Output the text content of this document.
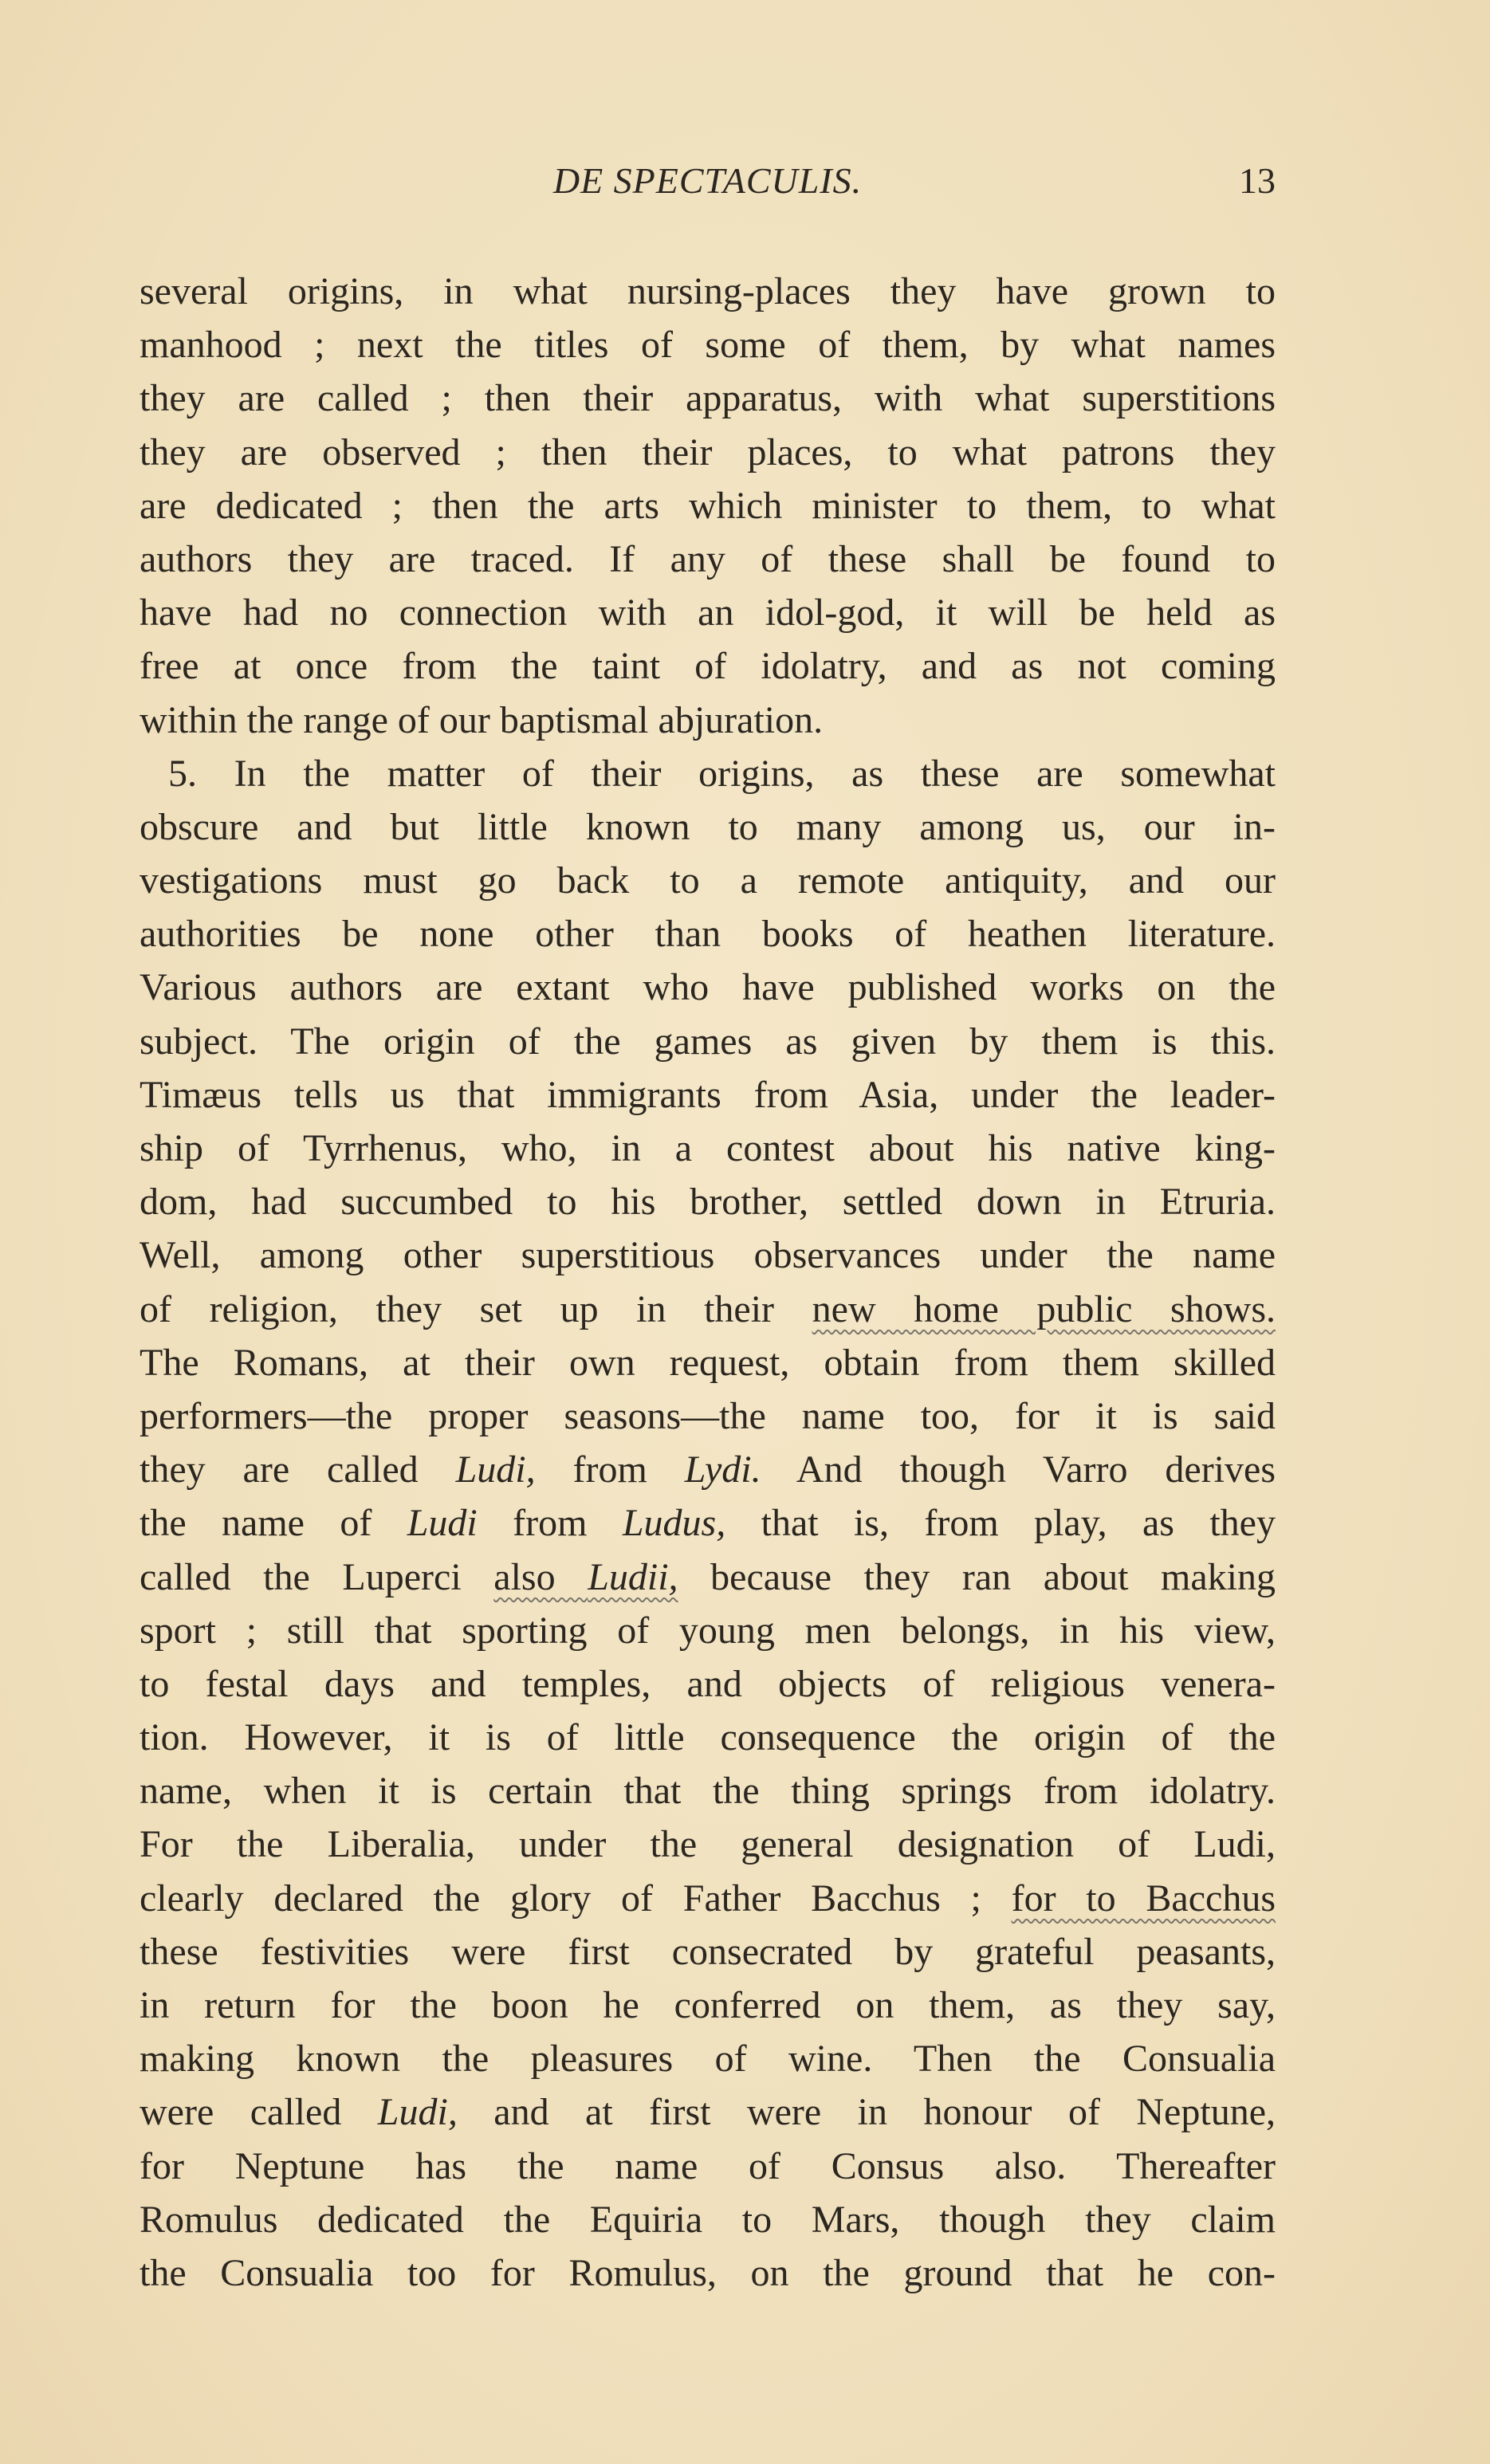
DE SPECTACULIS.	13
several origins, in what nursing-places they have grown to
manhood ; next the titles of some of them, by what names
they are called ; then their apparatus, with what superstitions
they are observed ; then their places, to what patrons they
are dedicated ; then the arts which minister to them, to what
authors they are traced. If any of these shall be found to
have had no connection with an idol-god, it will be held as
free at once from the taint of idolatry, and as not coming
within the range of our baptismal abjuration.
5. In the matter of their origins, as these are somewhat
obscure and but little known to many among us, our in-
vestigations must go back to a remote antiquity, and our
authorities be none other than books of heathen literature.
Various authors are extant who have published works on the
subject. The origin of the games as given by them is this.
Timæus tells us that immigrants from Asia, under the leader-
ship of Tyrrhenus, who, in a contest about his native king-
dom, had succumbed to his brother, settled down in Etruria.
Well, among other superstitious observances under the name
of religion, they set up in their new home public shows.
The Romans, at their own request, obtain from them skilled
performers—the proper seasons—the name too, for it is said
they are called Ludi, from Lydi. And though Varro derives
the name of Ludi from Ludus, that is, from play, as they
called the Luperci also Ludii, because they ran about making
sport ; still that sporting of young men belongs, in his view,
to festal days and temples, and objects of religious venera-
tion. However, it is of little consequence the origin of the
name, when it is certain that the thing springs from idolatry.
For the Liberalia, under the general designation of Ludi,
clearly declared the glory of Father Bacchus ; for to Bacchus
these festivities were first consecrated by grateful peasants,
in return for the boon he conferred on them, as they say,
making known the pleasures of wine. Then the Consualia
were called Ludi, and at first were in honour of Neptune,
for Neptune has the name of Consus also. Thereafter
Romulus dedicated the Equiria to Mars, though they claim
the Consualia too for Romulus, on the ground that he con-
